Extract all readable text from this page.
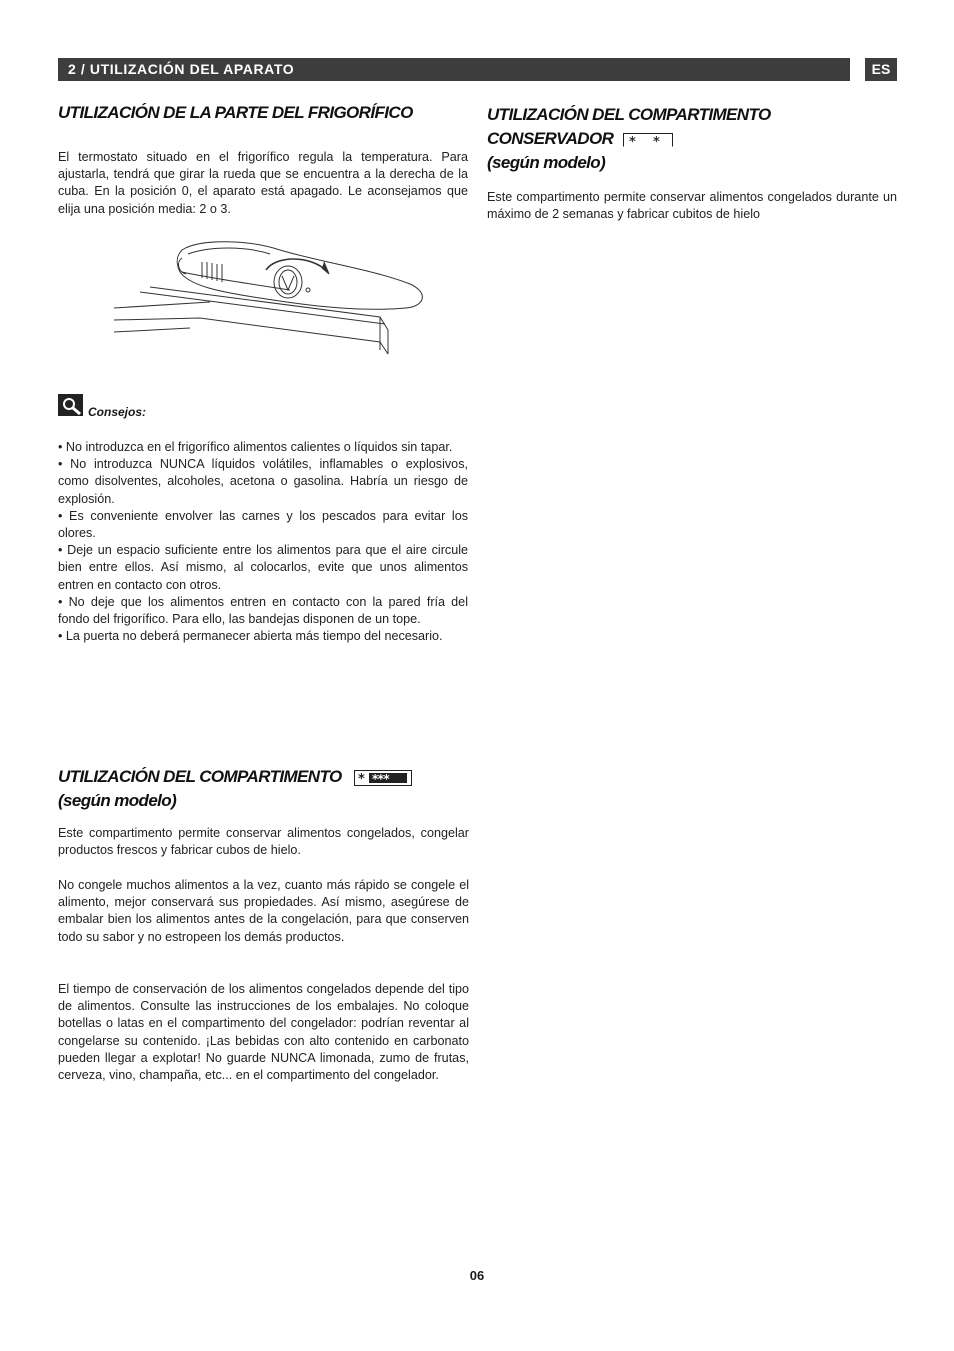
2 / UTILIZACIÓN DEL APARATO	ES
UTILIZACIÓN DE LA PARTE DEL FRIGORÍFICO

El termostato situado en el frigorífico regula la temperatura. Para ajustarla, tendrá que girar la rueda que se encuentra a la derecha de la cuba. En la posición 0, el aparato está apagado. Le aconsejamos que elija una posición media: 2 o 3.

Consejos:
• No introduzca en el frigorífico alimentos calientes o líquidos sin tapar.
• No introduzca NUNCA líquidos volátiles, inflamables o explosivos, como disolventes, alcoholes, acetona o gasolina. Habría un riesgo de explosión.
• Es conveniente envolver las carnes y los pescados para evitar los olores.
• Deje un espacio suficiente entre los alimentos para que el aire circule bien entre ellos. Así mismo, al colocarlos, evite que unos alimentos entren en contacto con otros.
• No deje que los alimentos entren en contacto con la pared fría del fondo del frigorífico. Para ello, las bandejas disponen de un tope.
• La puerta no deberá permanecer abierta más tiempo del necesario.
UTILIZACIÓN DEL COMPARTIMENTO * ***

(según modelo)

Este compartimento permite conservar alimentos congelados, congelar productos frescos y fabricar cubos de hielo.

No congele muchos alimentos a la vez, cuanto más rápido se congele el alimento, mejor conservará sus propiedades. Así mismo, asegúrese de embalar bien los alimentos antes de la congelación, para que conserven todo su sabor y no estropeen los demás productos.

El tiempo de conservación de los alimentos congelados depende del tipo de alimentos. Consulte las instrucciones de los embalajes. No coloque botellas o latas en el compartimento del congelador: podrían reventar al congelarse su contenido. ¡Las bebidas con alto contenido en carbonato pueden llegar a explotar! No guarde NUNCA limonada, zumo de frutas, cerveza, vino, champaña, etc... en el compartimento del congelador.

UTILIZACIÓN DEL COMPARTIMENTO
CONSERVADOR * *

(según modelo)

Este compartimento permite conservar alimentos congelados durante un máximo de 2 semanas y fabricar cubitos de hielo

06
